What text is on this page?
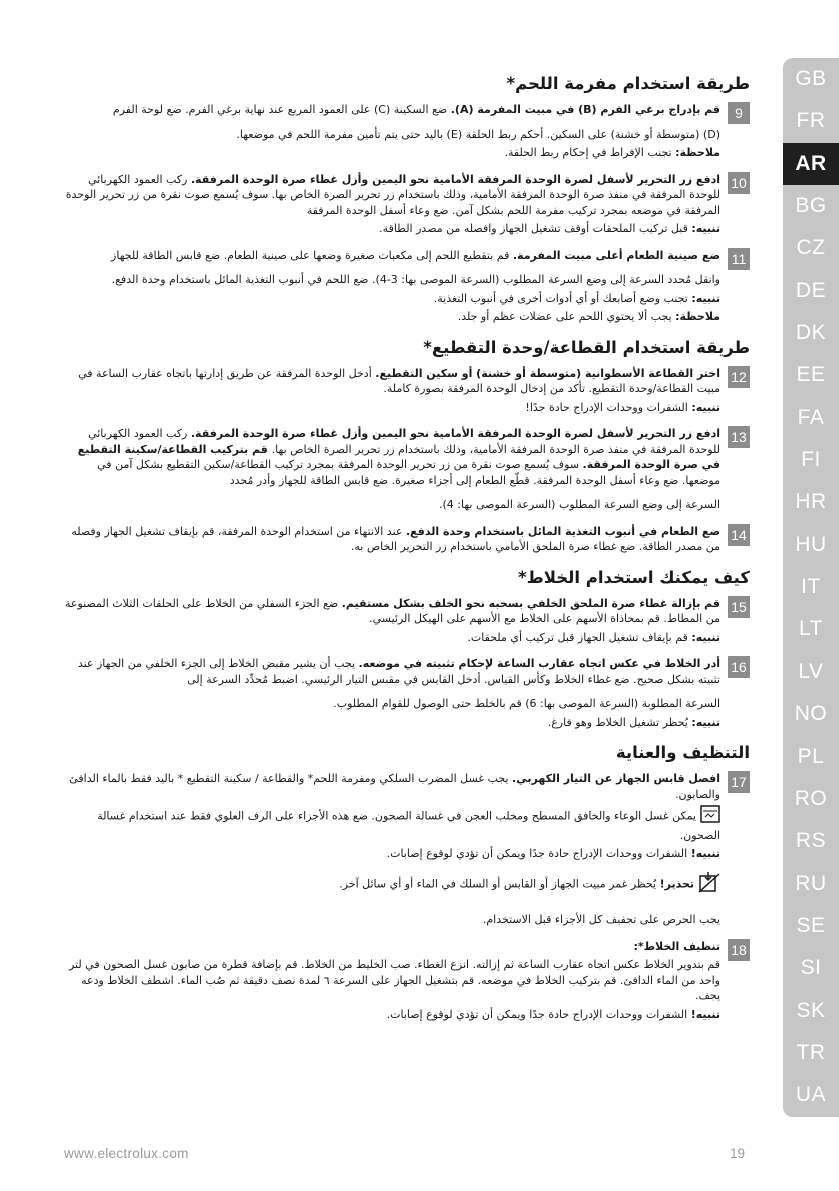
GB
FR
AR
BG
CZ
DE
DK
EE
FA
FI
HR
HU
IT
LT
LV
NO
PL
RO
RS
RU
SE
SI
SK
TR
UA
طريقة استخدام مفرمة اللحم*
9

قم بإدراج برغي الفرم (B) في مبيت المفرمة (A). ضع السكينة (C) على العمود المربع عند نهاية برغي الفرم. ضع لوحة الفرم

(D) (متوسطة أو خشنة) على السكين. أحكم ربط الحلقة (E) باليد حتى يتم تأمين مفرمة اللحم في موضعها.

ملاحظة: تجنب الإفراط في إحكام ربط الحلقة.

10

ادفع زر التحرير لأسفل لصرة الوحدة المرفقة الأمامية نحو اليمين وأزل غطاء صرة الوحدة المرفقة. ركب العمود الكهربائي للوحدة المرفقة في منفذ صرة الوحدة المرفقة الأمامية، وذلك باستخدام زر تحرير الصرة الخاص بها. سوف يُسمع صوت نقرة من زر تحرير الوحدة المرفقة في موضعه بمجرد تركيب مفرمة اللحم بشكل آمن. ضع وعاء أسفل الوحدة المرفقة

تنبيه: قبل تركيب الملحقات أوقف تشغيل الجهاز وافصله من مصدر الطاقة.

11

ضع صينية الطعام أعلى مبيت المفرمة. قم بتقطيع اللحم إلى مكعبات صغيرة وضعها على صينية الطعام. ضع قابس الطاقة للجهاز

وانقل مُحدد السرعة إلى وضع السرعة المطلوب (السرعة الموصى بها: 3-4). ضع اللحم في أنبوب التغذية المائل باستخدام وحدة الدفع.

تنبيه: تجنب وضع أصابعك أو أي أدوات أخرى في أنبوب التغذية.

ملاحظة: يجب ألا يحتوي اللحم على عضلات عظم أو جلد.

طريقة استخدام القطاعة/وحدة التقطيع*
12

اختر القطاعة الأسطوانية (متوسطة أو خشنة) أو سكين التقطيع. أدخل الوحدة المرفقة عن طريق إدارتها باتجاه عقارب الساعة في مبيت القطاعة/وحدة التقطيع. تأكد من إدخال الوحدة المرفقة بصورة كاملة.

تنبيه: الشفرات ووحدات الإدراج حادة جدًا!

13

ادفع زر التحرير لأسفل لصرة الوحدة المرفقة الأمامية نحو اليمين وأزل غطاء صرة الوحدة المرفقة. ركب العمود الكهربائي للوحدة المرفقة في منفذ صرة الوحدة المرفقة الأمامية، وذلك باستخدام زر تحرير الصرة الخاص بها. قم بتركيب القطاعة/سكينة التقطيع في صرة الوحدة المرفقة. سوف يُسمع صوت نقرة من زر تحرير الوحدة المرفقة بمجرد تركيب القطاعة/سكين التقطيع بشكل آمن في موضعها. ضع وعاء أسفل الوحدة المرفقة. قطّع الطعام إلى أجزاء صغيرة. ضع قابس الطاقة للجهاز وأدر مُحدد

السرعة إلى وضع السرعة المطلوب (السرعة الموصى بها: 4).

14

ضع الطعام في أنبوب التغذية المائل باستخدام وحدة الدفع. عند الانتهاء من استخدام الوحدة المرفقة، قم بإيقاف تشغيل الجهاز وفصله من مصدر الطاقة. ضع غطاء صرة الملحق الأمامي باستخدام زر التحرير الخاص به.

كيف يمكنك استخدام الخلاط*
15

قم بإزالة غطاء صرة الملحق الخلفي بسحبه نحو الخلف بشكل مستقيم. ضع الجزء السفلي من الخلاط على الحلقات الثلاث المصنوعة من المطاط. قم بمحاذاة الأسهم على الخلاط مع الأسهم على الهيكل الرئيسي.

تنبيه: قم بإيقاف تشغيل الجهاز قبل تركيب أي ملحقات.

16

أدر الخلاط في عكس اتجاه عقارب الساعة لإحكام تثبيته في موضعه. يجب أن يشير مقبض الخلاط إلى الجزء الخلفي من الجهاز عند تثبيته بشكل صحيح. ضع غطاء الخلاط وكأس القياس. أدخل القابس في مقبس التيار الرئيسي. اضبط مُحدِّد السرعة إلى

السرعة المطلوبة (السرعة الموصى بها: 6) قم بالخلط حتى الوصول للقوام المطلوب.

تنبيه: يُحظر تشغيل الخلاط وهو فارغ.

التنظيف والعناية
17

افصل قابس الجهاز عن التيار الكهربي. يجب غسل المضرب السلكي ومفرمة اللحم* والقطاعة / سكينة التقطيع * باليد فقط بالماء الدافئ والصابون.

يمكن غسل الوعاء والخافق المسطح ومخلب العجن في غسالة الصحون. ضع هذه الأجزاء على الرف العلوي فقط عند استخدام غسالة الصحون.

تنبيه! الشفرات ووحدات الإدراج حادة جدًا ويمكن أن تؤدي لوقوع إصابات.

تحذير! يُحظر غمر مبيت الجهاز أو القابس أو السلك في الماء أو أي سائل آخر.

يجب الحرص على تجفيف كل الأجزاء قبل الاستخدام.

18

تنظيف الخلاط*:

قم بتدوير الخلاط عكس اتجاه عقارب الساعة ثم إزالته. انزع الغطاء. صب الخليط من الخلاط. قم بإضافة قطرة من صابون غسل الصحون في لتر واحد من الماء الدافئ. قم بتركيب الخلاط في موضعه. قم بتشغيل الجهاز على السرعة ٦ لمدة نصف دقيقة ثم صُب الماء. اشطف الخلاط ودعه يجف.

تنبيه! الشفرات ووحدات الإدراج حادة جدًا ويمكن أن تؤدي لوقوع إصابات.

www.electrolux.com	19
